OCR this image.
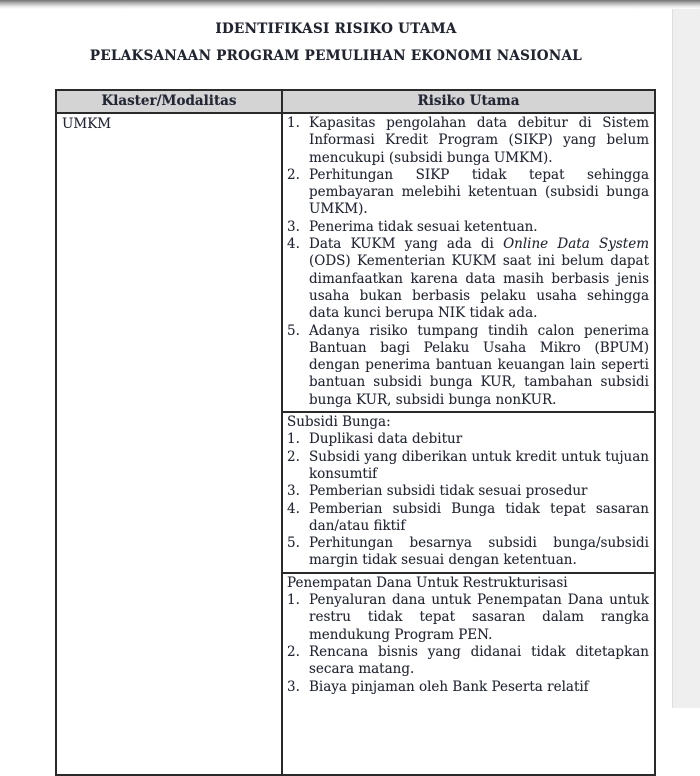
IDENTIFIKASI RISIKO UTAMA
PELAKSANAAN PROGRAM PEMULIHAN EKONOMI NASIONAL
Klaster/Modalitas	Risiko Utama
UMKM	1. Kapasitas pengolahan data debitur di Sistem Informasi Kredit Program (SIKP) yang belum mencukupi (subsidi bunga UMKM).
2. Perhitungan SIKP tidak tepat sehingga pembayaran melebihi ketentuan (subsidi bunga UMKM).
3. Penerima tidak sesuai ketentuan.
4. Data KUKM yang ada di Online Data System (ODS) Kementerian KUKM saat ini belum dapat dimanfaatkan karena data masih berbasis jenis usaha bukan berbasis pelaku usaha sehingga data kunci berupa NIK tidak ada.
5. Adanya risiko tumpang tindih calon penerima Bantuan bagi Pelaku Usaha Mikro (BPUM) dengan penerima bantuan keuangan lain seperti bantuan subsidi bunga KUR, tambahan subsidi bunga KUR, subsidi bunga nonKUR.
Subsidi Bunga:
1. Duplikasi data debitur
2. Subsidi yang diberikan untuk kredit untuk tujuan konsumtif
3. Pemberian subsidi tidak sesuai prosedur
4. Pemberian subsidi Bunga tidak tepat sasaran dan/atau fiktif
5. Perhitungan besarnya subsidi bunga/subsidi margin tidak sesuai dengan ketentuan.
Penempatan Dana Untuk Restrukturisasi
1. Penyaluran dana untuk Penempatan Dana untuk restru tidak tepat sasaran dalam rangka mendukung Program PEN.
2. Rencana bisnis yang didanai tidak ditetapkan secara matang.
3. Biaya pinjaman oleh Bank Peserta relatif
